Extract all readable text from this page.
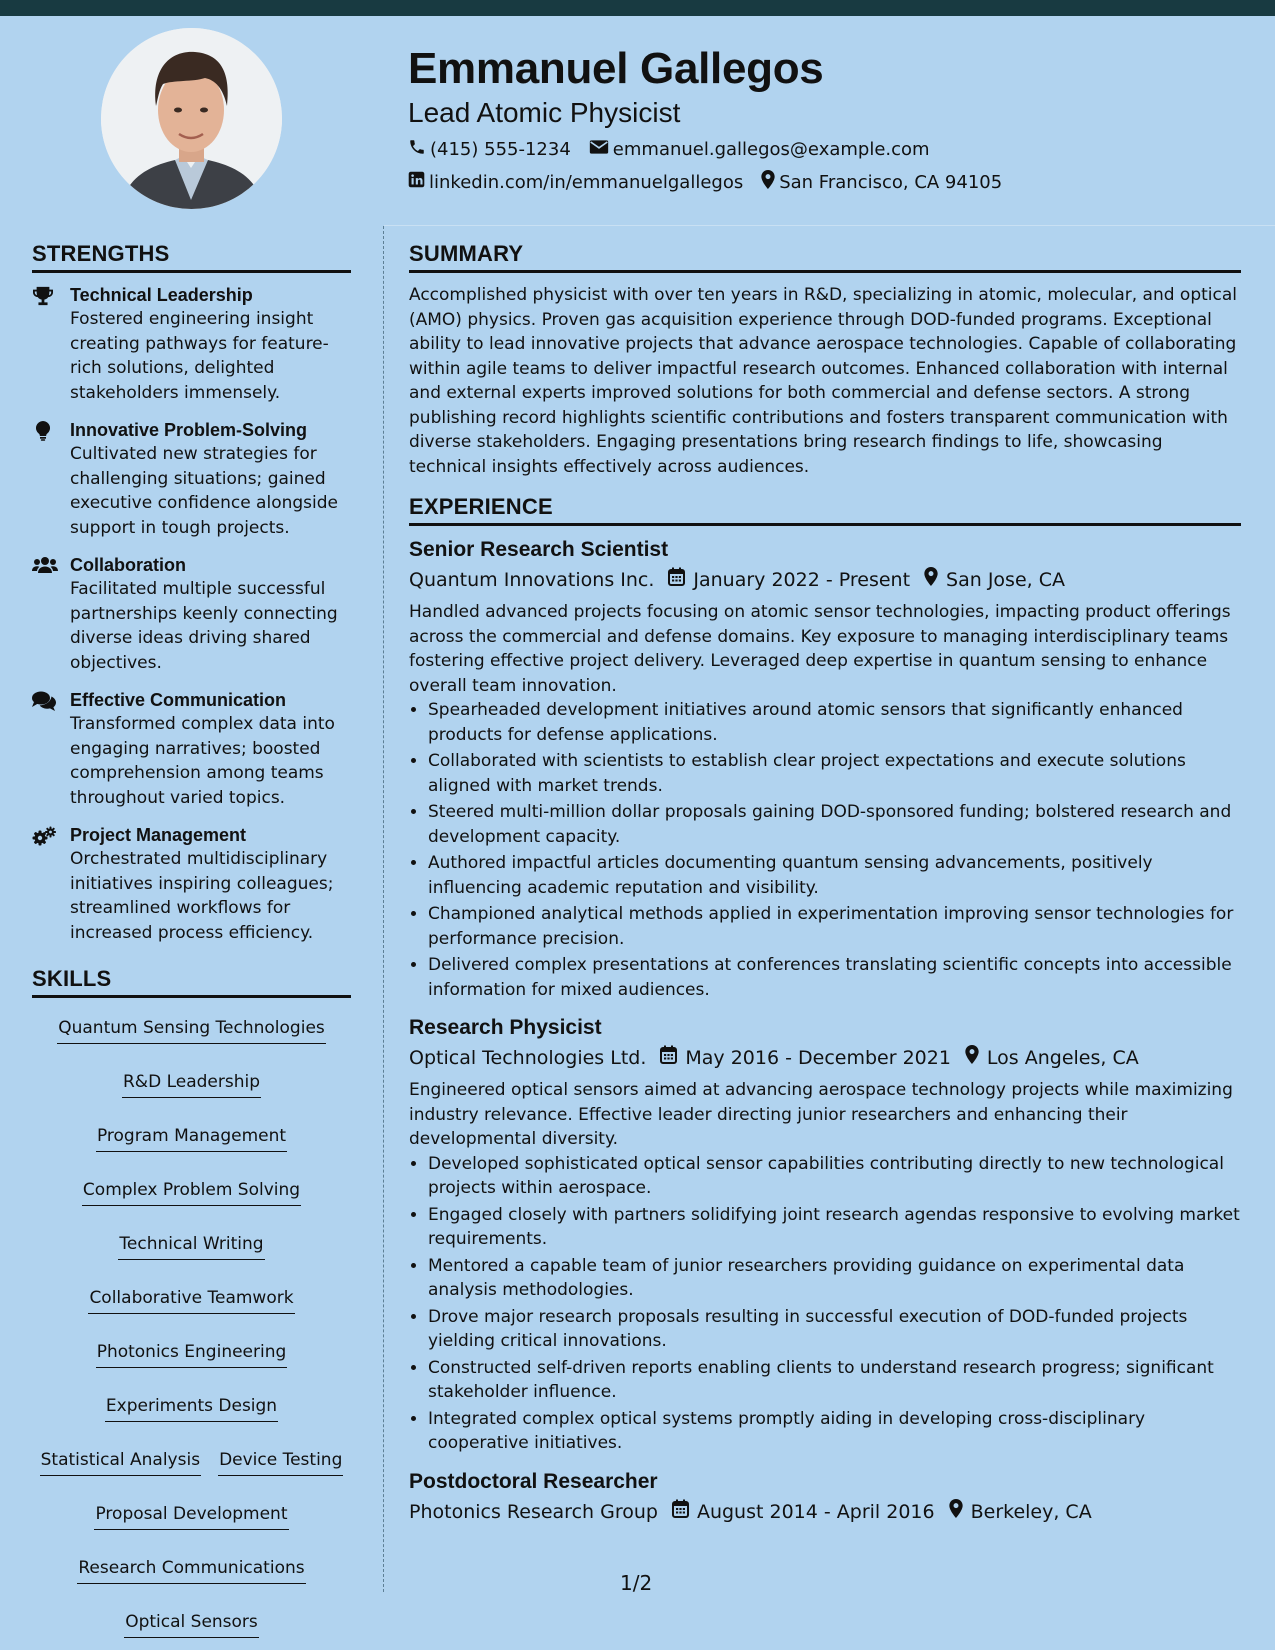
Emmanuel Gallegos
Lead Atomic Physicist
(415) 555-1234 emmanuel.gallegos@example.com
linkedin.com/in/emmanuelgallegos San Francisco, CA 94105
STRENGTHS
Technical Leadership
Fostered engineering insight creating pathways for feature-rich solutions, delighted stakeholders immensely.
Innovative Problem-Solving
Cultivated new strategies for challenging situations; gained executive confidence alongside support in tough projects.
Collaboration
Facilitated multiple successful partnerships keenly connecting diverse ideas driving shared objectives.
Effective Communication
Transformed complex data into engaging narratives; boosted comprehension among teams throughout varied topics.
Project Management
Orchestrated multidisciplinary initiatives inspiring colleagues; streamlined workflows for increased process efficiency.
SKILLS
Quantum Sensing Technologies
R&D Leadership
Program Management
Complex Problem Solving
Technical Writing
Collaborative Teamwork
Photonics Engineering
Experiments Design
Statistical Analysis Device Testing
Proposal Development
Research Communications
Optical Sensors
SUMMARY

Accomplished physicist with over ten years in R&D, specializing in atomic, molecular, and optical (AMO) physics. Proven gas acquisition experience through DOD-funded programs. Exceptional ability to lead innovative projects that advance aerospace technologies. Capable of collaborating within agile teams to deliver impactful research outcomes. Enhanced collaboration with internal and external experts improved solutions for both commercial and defense sectors. A strong publishing record highlights scientific contributions and fosters transparent communication with diverse stakeholders. Engaging presentations bring research findings to life, showcasing technical insights effectively across audiences.

EXPERIENCE
Senior Research Scientist
Quantum Innovations Inc. January 2022 - Present San Jose, CA
Handled advanced projects focusing on atomic sensor technologies, impacting product offerings across the commercial and defense domains. Key exposure to managing interdisciplinary teams fostering effective project delivery. Leveraged deep expertise in quantum sensing to enhance overall team innovation.
• Spearheaded development initiatives around atomic sensors that significantly enhanced products for defense applications.
• Collaborated with scientists to establish clear project expectations and execute solutions aligned with market trends.
• Steered multi-million dollar proposals gaining DOD-sponsored funding; bolstered research and development capacity.
• Authored impactful articles documenting quantum sensing advancements, positively influencing academic reputation and visibility.
• Championed analytical methods applied in experimentation improving sensor technologies for performance precision.
• Delivered complex presentations at conferences translating scientific concepts into accessible information for mixed audiences.
Research Physicist
Optical Technologies Ltd. May 2016 - December 2021 Los Angeles, CA
Engineered optical sensors aimed at advancing aerospace technology projects while maximizing industry relevance. Effective leader directing junior researchers and enhancing their developmental diversity.
• Developed sophisticated optical sensor capabilities contributing directly to new technological projects within aerospace.
• Engaged closely with partners solidifying joint research agendas responsive to evolving market requirements.
• Mentored a capable team of junior researchers providing guidance on experimental data analysis methodologies.
• Drove major research proposals resulting in successful execution of DOD-funded projects yielding critical innovations.
• Constructed self-driven reports enabling clients to understand research progress; significant stakeholder influence.
• Integrated complex optical systems promptly aiding in developing cross-disciplinary cooperative initiatives.
Postdoctoral Researcher
Photonics Research Group August 2014 - April 2016 Berkeley, CA
1/2
